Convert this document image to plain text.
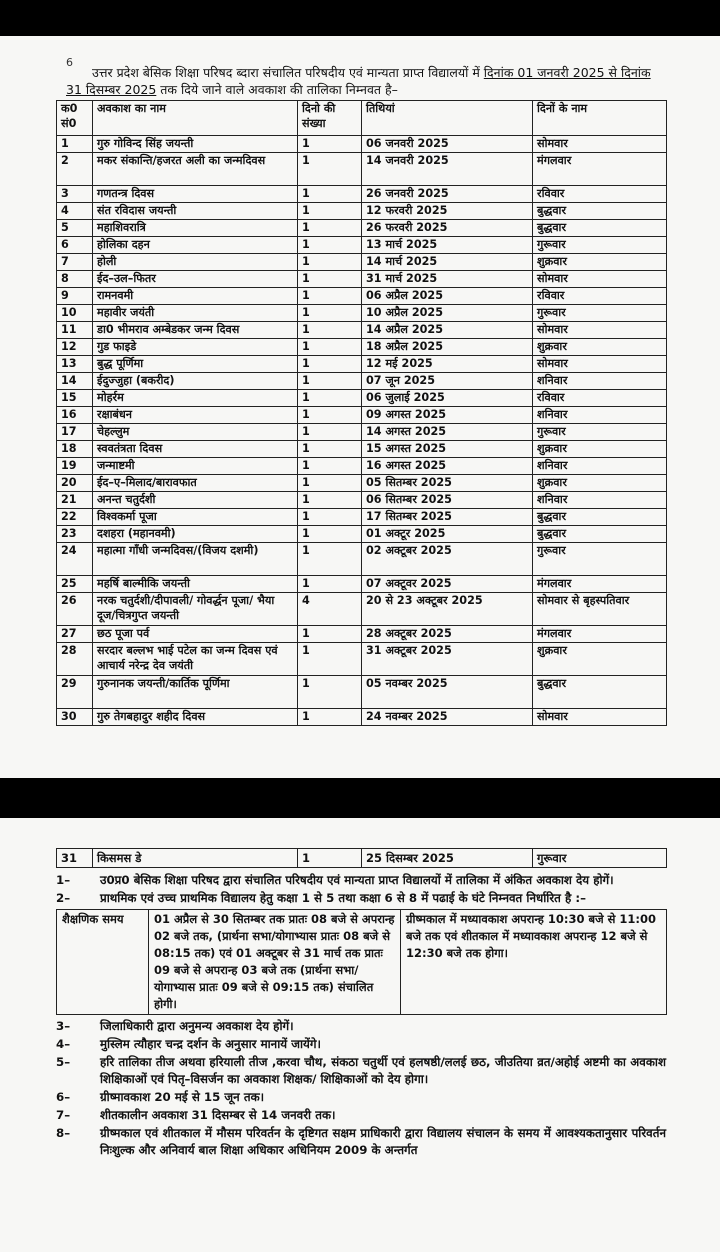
6

उत्तर प्रदेश बेसिक शिक्षा परिषद ब्दारा संचालित परिषदीय एवं मान्यता प्राप्त विद्यालयों में दिनांक 01 जनवरी 2025 से दिनांक 31 दिसम्बर 2025 तक दिये जाने वाले अवकाश की तालिका निम्नवत है–

क0 सं0	अवकाश का नाम	दिनो की संख्या	तिथियां	दिनों के नाम
1	गुरु गोविन्द सिंह जयन्ती	1	06 जनवरी 2025	सोमवार
2	मकर संकान्ति/हजरत अली का जन्मदिवस	1	14 जनवरी 2025	मंगलवार
3	गणतन्त्र दिवस	1	26 जनवरी 2025	रविवार
4	संत रविदास जयन्ती	1	12 फरवरी 2025	बुद्धवार
5	महाशिवरात्रि	1	26 फरवरी 2025	बुद्धवार
6	होलिका दहन	1	13 मार्च 2025	गुरूवार
7	होली	1	14 मार्च 2025	शुक्रवार
8	ईद–उल–फितर	1	31 मार्च 2025	सोमवार
9	रामनवमी	1	06 अप्रैल 2025	रविवार
10	महावीर जयंती	1	10 अप्रैल 2025	गुरूवार
11	डा0 भीमराव अम्बेडकर जन्म दिवस	1	14 अप्रैल 2025	सोमवार
12	गुड फाइडे	1	18 अप्रैल 2025	शुक्रवार
13	बुद्ध पूर्णिमा	1	12 मई 2025	सोमवार
14	ईदुज्जुहा (बकरीद)	1	07 जून 2025	शनिवार
15	मोहर्रम	1	06 जुलाई 2025	रविवार
16	रक्षाबंधन	1	09 अगस्त 2025	शनिवार
17	चेहल्लुम	1	14 अगस्त 2025	गुरूवार
18	स्ववतंत्रता दिवस	1	15 अगस्त 2025	शुक्रवार
19	जन्माष्टमी	1	16 अगस्त 2025	शनिवार
20	ईद–ए–मिलाद/बारावफात	1	05 सितम्बर 2025	शुक्रवार
21	अनन्त चतुर्दशी	1	06 सितम्बर 2025	शनिवार
22	विश्वकर्मा पूजा	1	17 सितम्बर 2025	बुद्धवार
23	दशहरा (महानवमी)	1	01 अक्टूर 2025	बुद्धवार
24	महात्मा गाँधी जन्मदिवस/(विजय दशमी)	1	02 अक्टूबर 2025	गुरूवार
25	महर्षि बाल्मीकि जयन्ती	1	07 अक्टूवर 2025	मंगलवार
26	नरक चतुर्दशी/दीपावली/ गोवर्द्धन पूजा/ भैया दूज/चित्रगुप्त जयन्ती	4	20 से 23 अक्टूबर 2025	सोमवार से बृहस्पतिवार
27	छठ पूजा पर्व	1	28 अक्टूबर 2025	मंगलवार
28	सरदार बल्लभ भाई पटेल का जन्म दिवस एवं आचार्य नरेन्द्र देव जयंती	1	31 अक्टूबर 2025	शुक्रवार
29	गुरुनानक जयन्ती/कार्तिक पूर्णिमा	1	05 नवम्बर 2025	बुद्धवार
30	गुरु तेगबहादुर शहीद दिवस	1	24 नवम्बर 2025	सोमवार
31	किसमस डे	1	25 दिसम्बर 2025	गुरूवार
1–	उ0प्र0 बेसिक शिक्षा परिषद द्वारा संचालित परिषदीय एवं मान्यता प्राप्त विद्यालयों में तालिका में अंकित अवकाश देय होगें।
2–	प्राथमिक एवं उच्च प्राथमिक विद्यालय हेतु कक्षा 1 से 5 तथा कक्षा 6 से 8 में पढाई के घंटे निम्नवत निर्धारित है :–
शैक्षणिक समय	01 अप्रैल से 30 सितम्बर तक प्रातः 08 बजे से अपरान्ह 02 बजे तक, (प्रार्थना सभा/योगाभ्यास प्रातः 08 बजे से 08:15 तक) एवं 01 अक्टूबर से 31 मार्च तक प्रातः 09 बजे से अपरान्ह 03 बजे तक (प्रार्थना सभा/योगाभ्यास प्रातः 09 बजे से 09:15 तक) संचालित होगी।	ग्रीष्मकाल में मध्यावकाश अपरान्ह 10:30 बजे से 11:00 बजे तक एवं शीतकाल में मध्यावकाश अपरान्ह 12 बजे से 12:30 बजे तक होगा।
3–	जिलाधिकारी द्वारा अनुमन्य अवकाश देय होगें।
4–	मुस्लिम त्यौहार चन्द्र दर्शन के अनुसार मानायें जायेंगे।
5–	हरि तालिका तीज अथवा हरियाली तीज ,करवा चौथ, संकठा चतुर्थी एवं हलषष्ठी/ललई छठ, जीउतिया व्रत/अहोई अष्टमी का अवकाश शिक्षिकाओं एवं पितृ–विसर्जन का अवकाश शिक्षक/ शिक्षिकाओं को देय होगा।
6–	ग्रीष्मावकाश 20 मई से 15 जून तक।
7–	शीतकालीन अवकाश 31 दिसम्बर से 14 जनवरी तक।
8–	ग्रीष्मकाल एवं शीतकाल में मौसम परिवर्तन के दृष्टिगत सक्षम प्राधिकारी द्वारा विद्यालय संचालन के समय में आवश्यकतानुसार परिवर्तन निःशुल्क और अनिवार्य बाल शिक्षा अधिकार अधिनियम 2009 के अन्तर्गत
